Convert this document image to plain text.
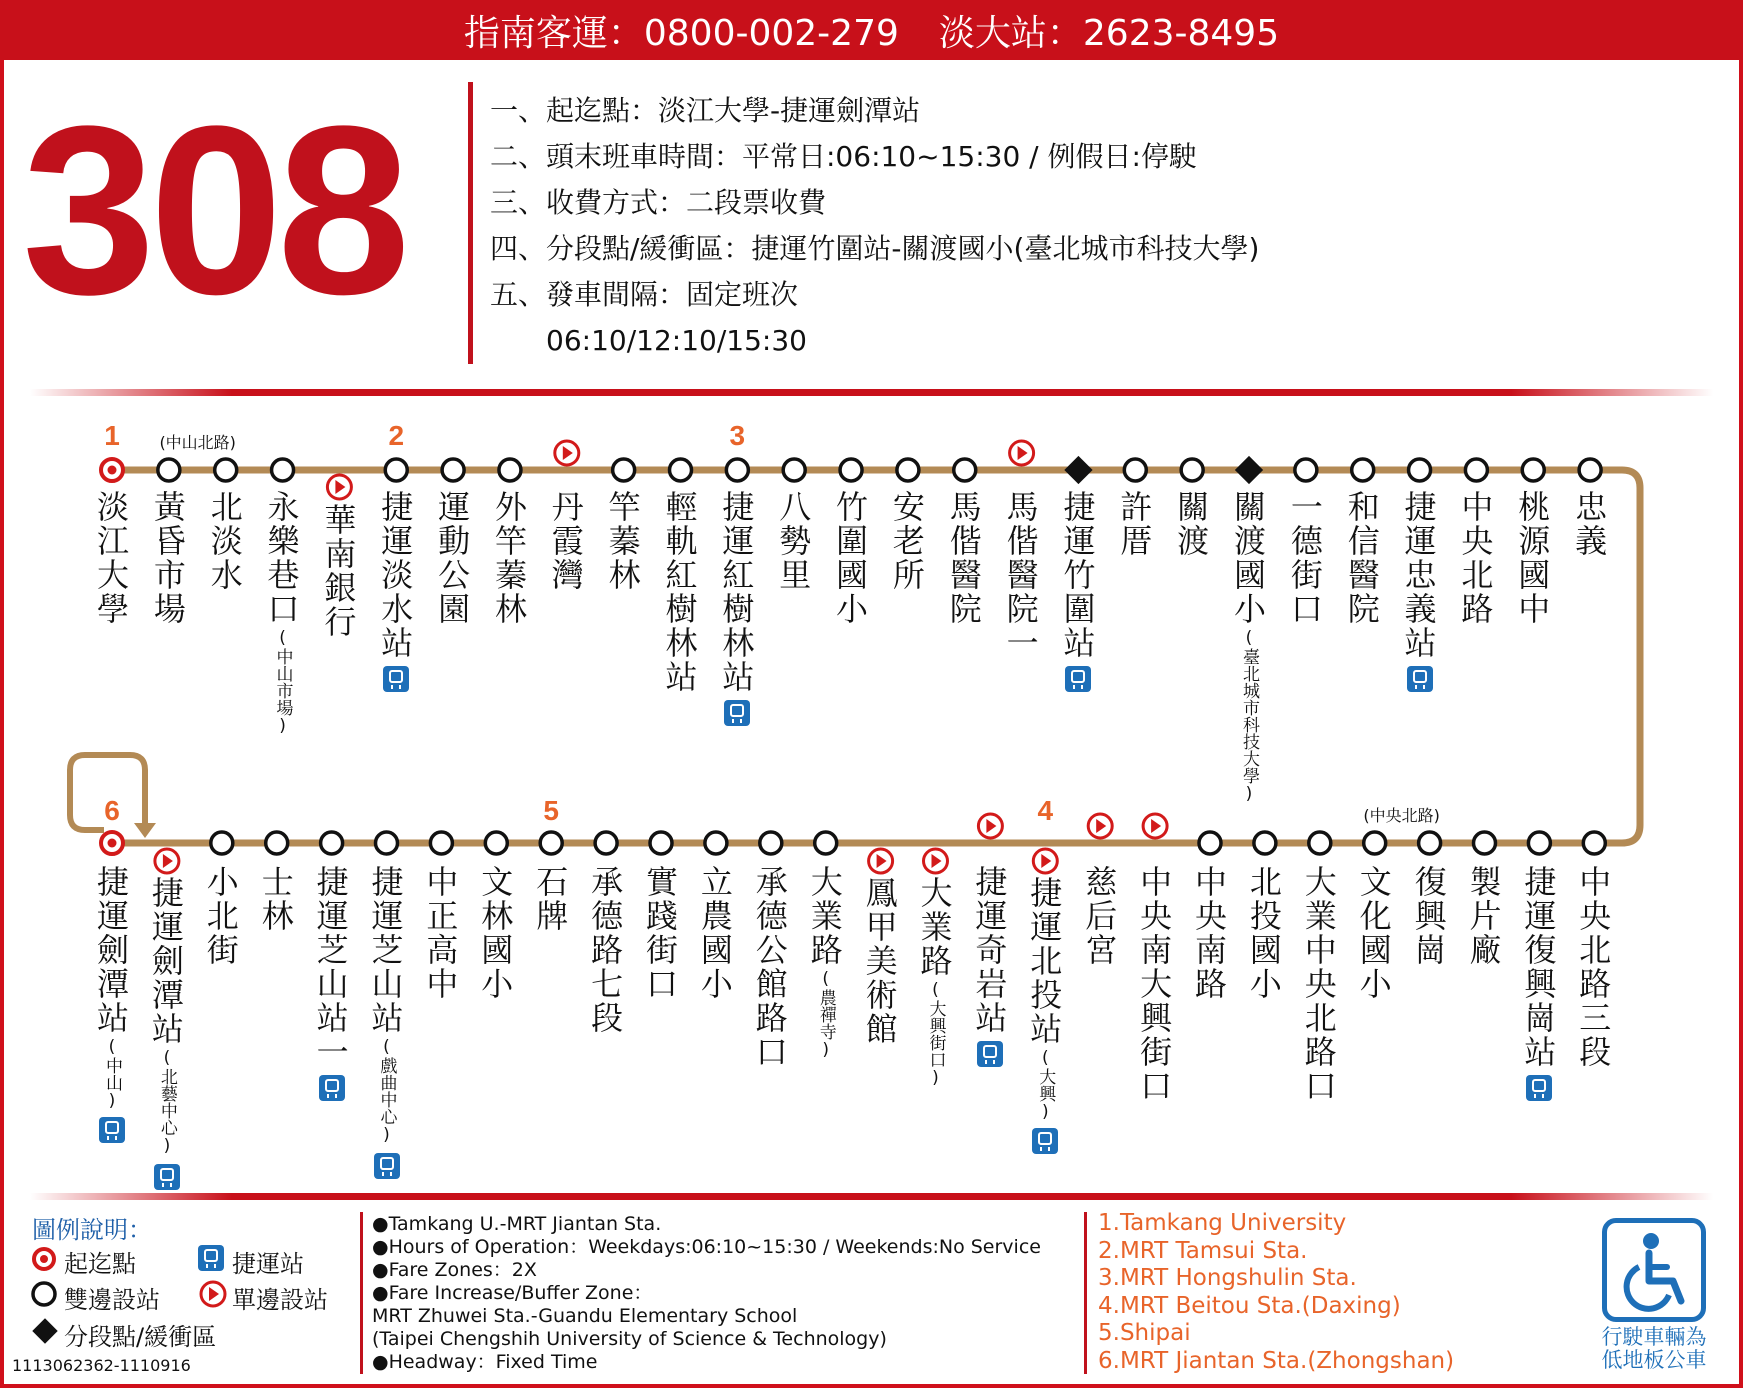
指南客運：0800-002-279 淡大站：2623-8495
308	一、起迄點：淡江大學-捷運劍潭站
二、頭末班車時間：平常日:06:10~15:30 / 例假日:停駛
三、收費方式：二段票收費
四、分段點/緩衝區：捷運竹圍站-關渡國小(臺北城市科技大學)
五、發車間隔：固定班次
　　06:10/12:10/15:30
淡江大學
1
黃昏市場 北淡水
(中山北路)
永樂巷口
(中山市場)
華南銀行 捷運淡水站
2
運動公園 外竿蓁林 丹霞灣 竿蓁林 輕軌紅樹林站 捷運紅樹林站
3
八勢里 竹圍國小 安老所 馬偕醫院 馬偕醫院一 捷運竹圍站 許厝 關渡 關渡國小
(臺北城市科技大學)
一德街口 和信醫院 捷運忠義站 中央北路 桃源國中 忠義
捷運劍潭站
(中山)
6
捷運劍潭站
(北藝中心)
小北街 士林 捷運芝山站一 捷運芝山站
(戲曲中心)
中正高中 文林國小 石牌
5
承德路七段 實踐街口 立農國小 承德公館路口 大業路
(農禪寺) 鳳甲美術館 大業路
(大興街口) 捷運奇岩站 捷運北投站
(大興)
4
慈后宮 中央南大興街口 中央南路 北投國小 大業中央北路口 文化國小 復興崗
(中央北路)
製片廠 捷運復興崗站 中央北路三段
圖例說明：
起迄點	捷運站
雙邊設站	單邊設站
分段點/緩衝區
1113062362-1110916
●Tamkang U.-MRT Jiantan Sta.
●Hours of Operation：Weekdays:06:10~15:30 / Weekends:No Service
●Fare Zones：2X
●Fare Increase/Buffer Zone：
MRT Zhuwei Sta.-Guandu Elementary School
(Taipei Chengshih University of Science & Technology)
●Headway：Fixed Time
1.Tamkang University
2.MRT Tamsui Sta.
3.MRT Hongshulin Sta.
4.MRT Beitou Sta.(Daxing)
5.Shipai
6.MRT Jiantan Sta.(Zhongshan)
行駛車輛為低地板公車
